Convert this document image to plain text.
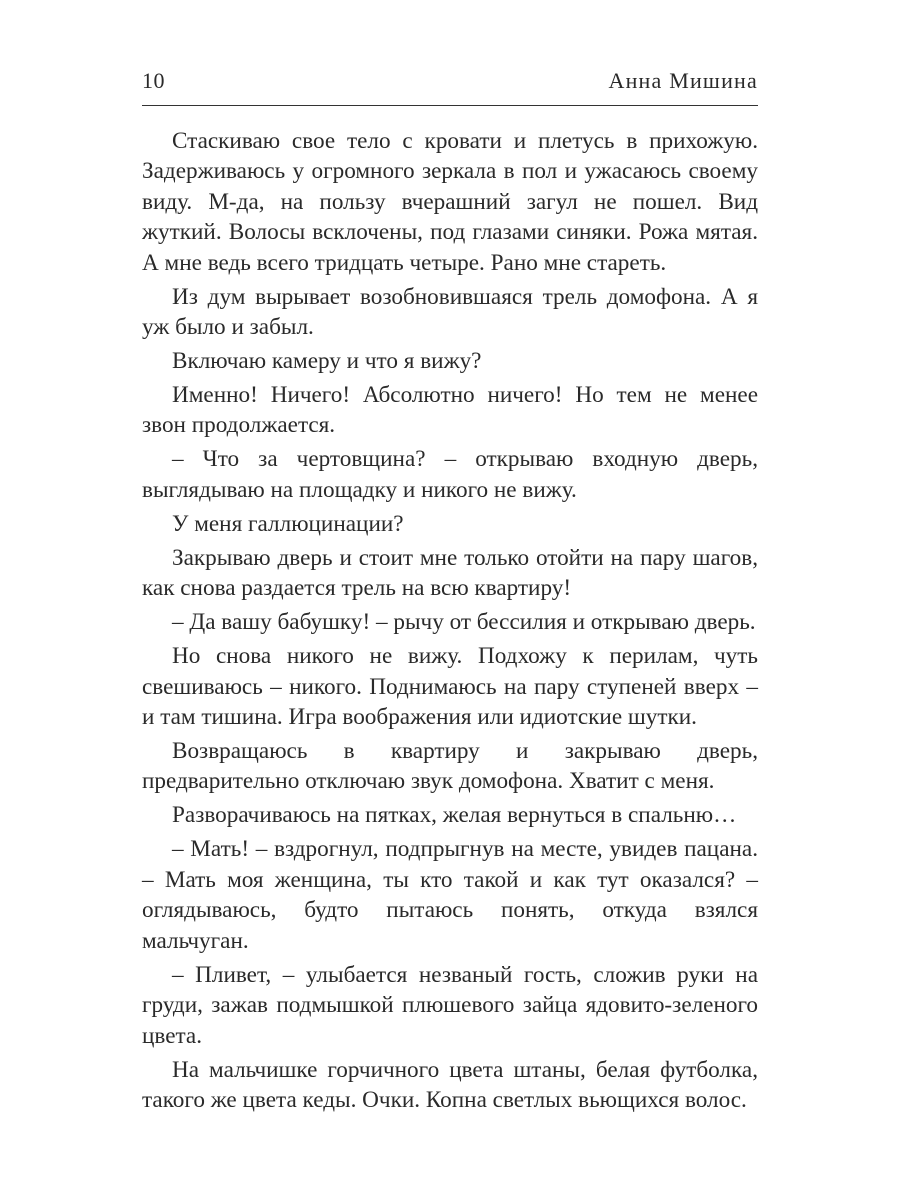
10	Анна Мишина

Стаскиваю свое тело с кровати и плетусь в прихожую. Задерживаюсь у огромного зеркала в пол и ужасаюсь своему виду. М-да, на пользу вчерашний загул не пошел. Вид жуткий. Волосы всклочены, под глазами синяки. Рожа мятая. А мне ведь всего тридцать четыре. Рано мне стареть.

Из дум вырывает возобновившаяся трель домофона. А я уж было и забыл.

Включаю камеру и что я вижу?

Именно! Ничего! Абсолютно ничего! Но тем не менее звон продолжается.

– Что за чертовщина? – открываю входную дверь, выглядываю на площадку и никого не вижу.

У меня галлюцинации?

Закрываю дверь и стоит мне только отойти на пару шагов, как снова раздается трель на всю квартиру!

– Да вашу бабушку! – рычу от бессилия и открываю дверь.

Но снова никого не вижу. Подхожу к перилам, чуть свешиваюсь – никого. Поднимаюсь на пару ступеней вверх – и там тишина. Игра воображения или идиотские шутки.

Возвращаюсь в квартиру и закрываю дверь, предварительно отключаю звук домофона. Хватит с меня.

Разворачиваюсь на пятках, желая вернуться в спальню…

– Мать! – вздрогнул, подпрыгнув на месте, увидев пацана. – Мать моя женщина, ты кто такой и как тут оказался? – оглядываюсь, будто пытаюсь понять, откуда взялся мальчуган.

– Пливет, – улыбается незваный гость, сложив руки на груди, зажав подмышкой плюшевого зайца ядовито-зеленого цвета.

На мальчишке горчичного цвета штаны, белая футболка, такого же цвета кеды. Очки. Копна светлых вьющихся волос.
